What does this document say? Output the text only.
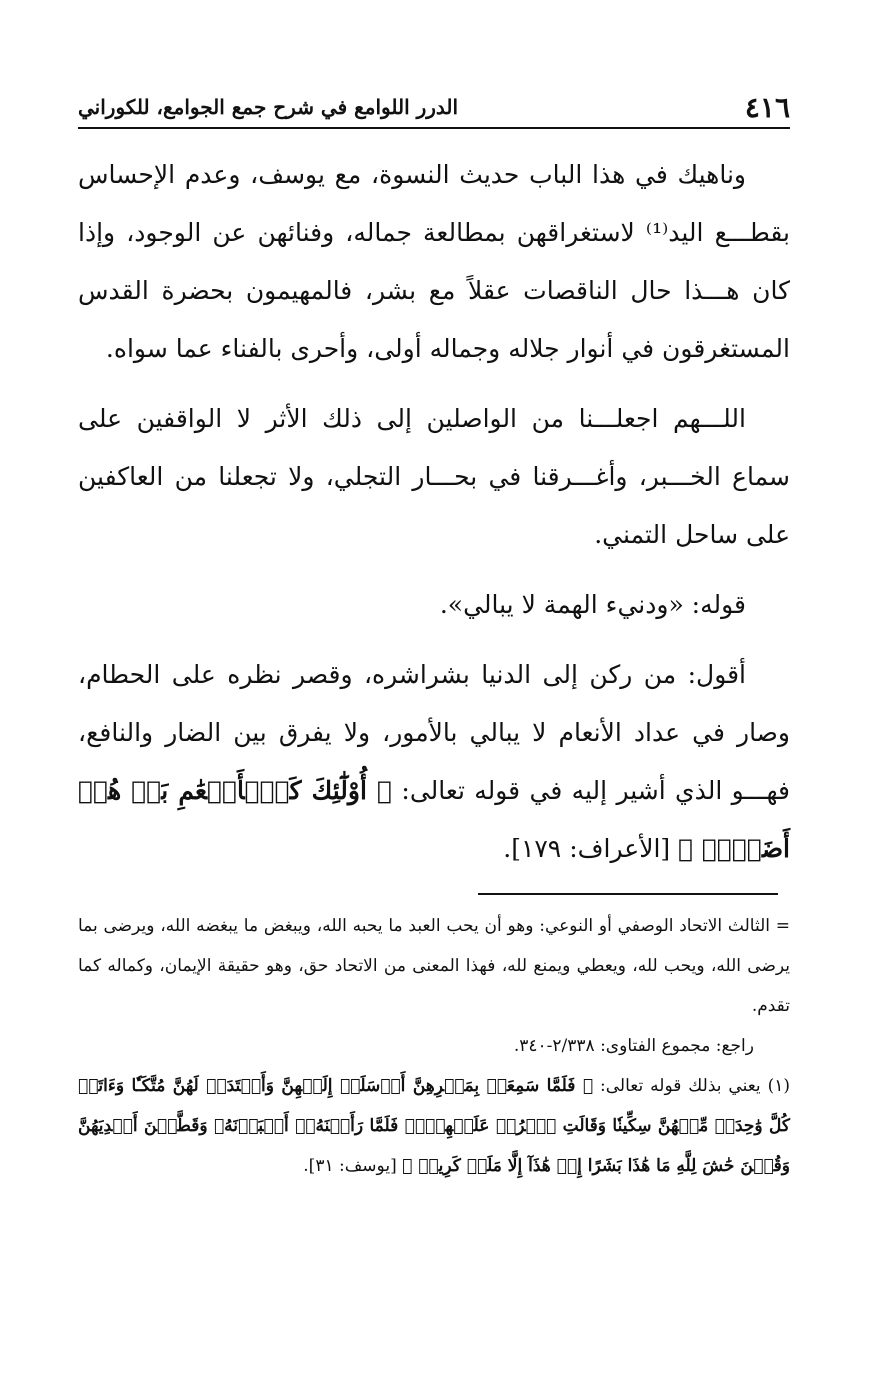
٤١٦
الدرر اللوامع في شرح جمع الجوامع، للكوراني

وناهيك في هذا الباب حديث النسوة، مع يوسف، وعدم الإحساس بقطـــع اليد⁽¹⁾ لاستغراقهن بمطالعة جماله، وفنائهن عن الوجود، وإذا كان هـــذا حال الناقصات عقلاً مع بشر، فالمهيمون بحضرة القدس المستغرقون في أنوار جلاله وجماله أولى، وأحرى بالفناء عما سواه.

اللـــهم اجعلـــنا من الواصلين إلى ذلك الأثر لا الواقفين على سماع الخـــبر، وأغـــرقنا في بحـــار التجلي، ولا تجعلنا من العاكفين على ساحل التمني.

قوله: «ودنيء الهمة لا يبالي».

أقول: من ركن إلى الدنيا بشراشره، وقصر نظره على الحطام، وصار في عداد الأنعام لا يبالي بالأمور، ولا يفرق بين الضار والنافع، فهـــو الذي أشير إليه في قوله تعالى: ﴿ أُوْلَٰٓئِكَ كَٱلۡأَنۡعَٰمِ بَلۡ هُمۡ أَضَلُّۚ ﴾ [الأعراف: ١٧٩].

= الثالث الاتحاد الوصفي أو النوعي: وهو أن يحب العبد ما يحبه الله، ويبغض ما يبغضه الله، ويرضى بما يرضى الله، ويحب لله، ويعطي ويمنع لله، فهذا المعنى من الاتحاد حق، وهو حقيقة الإيمان، وكماله كما تقدم.

راجع: مجموع الفتاوى: ٢/٣٣٨-٣٤٠.

(١) يعني بذلك قوله تعالى: ﴿ فَلَمَّا سَمِعَتۡ بِمَكۡرِهِنَّ أَرۡسَلَتۡ إِلَيۡهِنَّ وَأَعۡتَدَتۡ لَهُنَّ مُتَّكَـٔٗا وَءَاتَتۡ كُلَّ وَٰحِدَةٖ مِّنۡهُنَّ سِكِّينٗا وَقَالَتِ ٱخۡرُجۡ عَلَيۡهِنَّۖ فَلَمَّا رَأَيۡنَهُۥٓ أَكۡبَرۡنَهُۥ وَقَطَّعۡنَ أَيۡدِيَهُنَّ وَقُلۡنَ حَٰشَ لِلَّهِ مَا هَٰذَا بَشَرًا إِنۡ هَٰذَآ إِلَّا مَلَكٞ كَرِيمٞ ﴾ [يوسف: ٣١].
